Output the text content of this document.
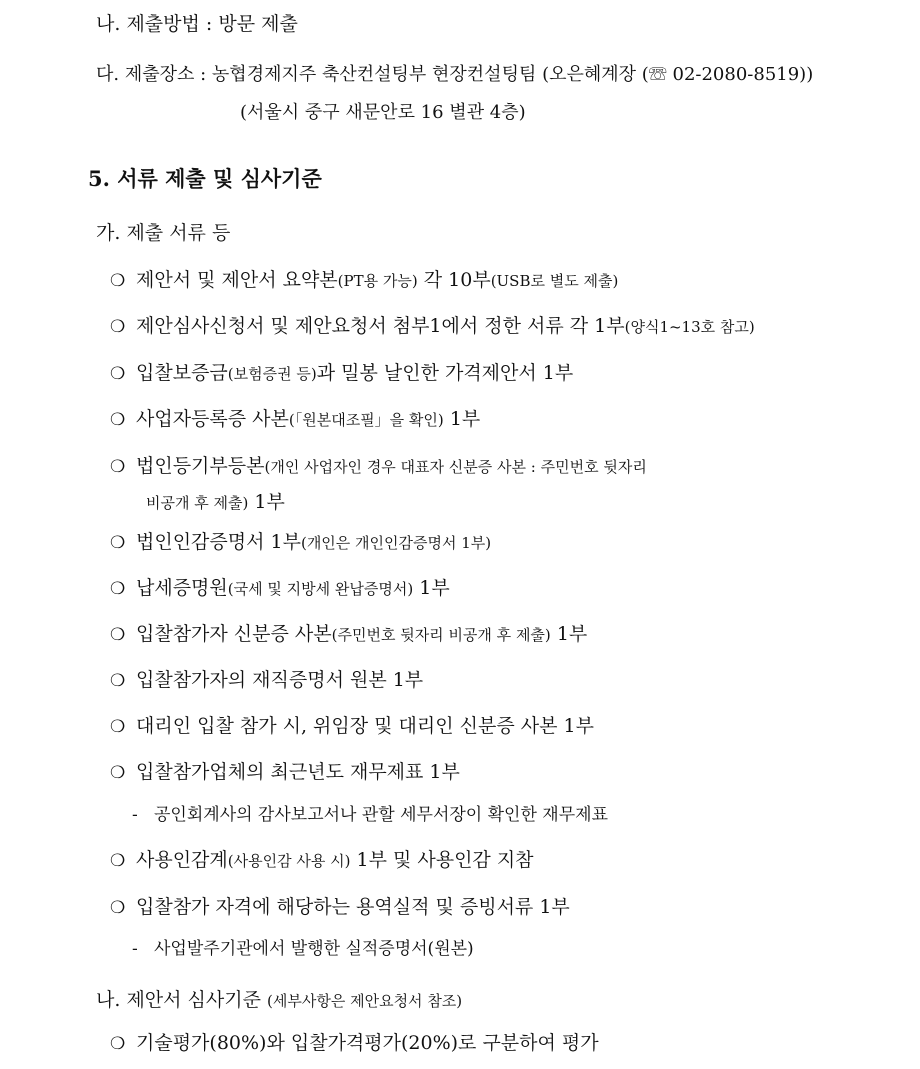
나. 제출방법 : 방문 제출
다. 제출장소 : 농협경제지주 축산컨설팅부 현장컨설팅팀 (오은혜계장 (☏ 02-2080-8519))
(서울시 중구 새문안로 16 별관 4층)
5. 서류 제출 및 심사기준
가. 제출 서류 등
❍ 제안서 및 제안서 요약본(PT용 가능) 각 10부(USB로 별도 제출)
❍ 제안심사신청서 및 제안요청서 첨부1에서 정한 서류 각 1부(양식1~13호 참고)
❍ 입찰보증금(보험증권 등)과 밀봉 날인한 가격제안서 1부
❍ 사업자등록증 사본(「원본대조필」을 확인) 1부
❍ 법인등기부등본(개인 사업자인 경우 대표자 신분증 사본 : 주민번호 뒷자리
비공개 후 제출) 1부
❍ 법인인감증명서 1부(개인은 개인인감증명서 1부)
❍ 납세증명원(국세 및 지방세 완납증명서) 1부
❍ 입찰참가자 신분증 사본(주민번호 뒷자리 비공개 후 제출) 1부
❍ 입찰참가자의 재직증명서 원본 1부
❍ 대리인 입찰 참가 시, 위임장 및 대리인 신분증 사본 1부
❍ 입찰참가업체의 최근년도 재무제표 1부
- 공인회계사의 감사보고서나 관할 세무서장이 확인한 재무제표
❍ 사용인감계(사용인감 사용 시) 1부 및 사용인감 지참
❍ 입찰참가 자격에 해당하는 용역실적 및 증빙서류 1부
- 사업발주기관에서 발행한 실적증명서(원본)
나. 제안서 심사기준 (세부사항은 제안요청서 참조)
❍ 기술평가(80%)와 입찰가격평가(20%)로 구분하여 평가
